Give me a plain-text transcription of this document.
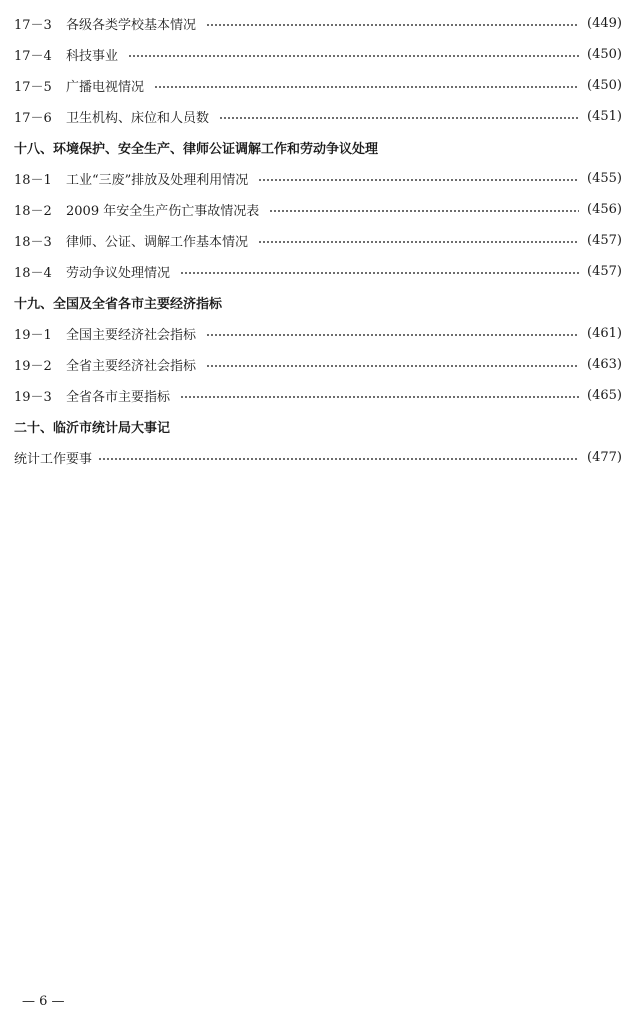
17－3	各级各类学校基本情况	(449)
17－4	科技事业	(450)
17－5	广播电视情况	(450)
17－6	卫生机构、床位和人员数	(451)
十八、环境保护、安全生产、律师公证调解工作和劳动争议处理
18－1	工业“三废”排放及处理利用情况	(455)
18－2	2009 年安全生产伤亡事故情况表	(456)
18－3	律师、公证、调解工作基本情况	(457)
18－4	劳动争议处理情况	(457)
十九、全国及全省各市主要经济指标
19－1	全国主要经济社会指标	(461)
19－2	全省主要经济社会指标	(463)
19－3	全省各市主要指标	(465)
二十、临沂市统计局大事记
统计工作要事	(477)
— 6 —
